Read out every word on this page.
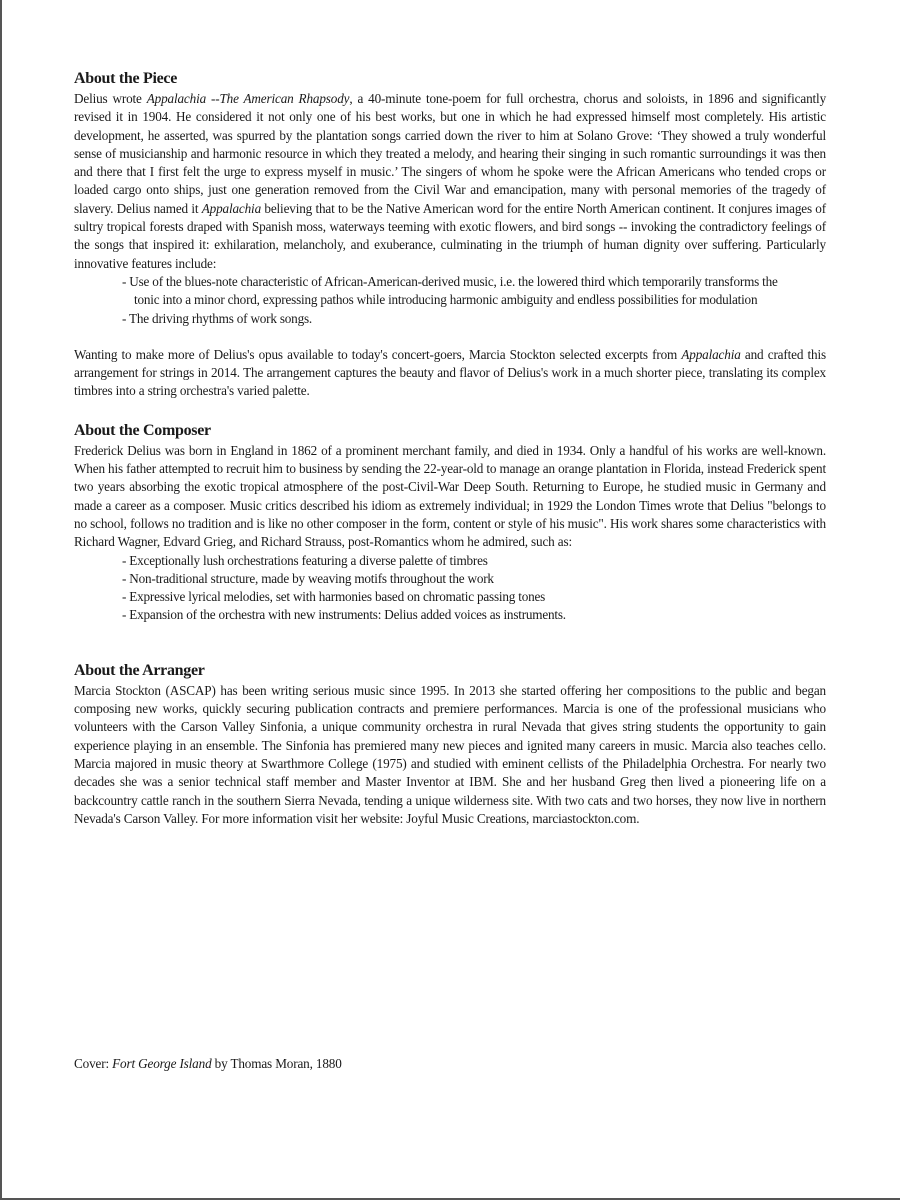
About the Piece

Delius wrote Appalachia --The American Rhapsody, a 40-minute tone-poem for full orchestra, chorus and soloists, in 1896 and significantly revised it in 1904. He considered it not only one of his best works, but one in which he had expressed himself most completely. His artistic development, he asserted, was spurred by the plantation songs carried down the river to him at Solano Grove: ‘They showed a truly wonderful sense of musicianship and harmonic resource in which they treated a melody, and hearing their singing in such romantic surroundings it was then and there that I first felt the urge to express myself in music.’ The singers of whom he spoke were the African Americans who tended crops or loaded cargo onto ships, just one generation removed from the Civil War and emancipation, many with personal memories of the tragedy of slavery. Delius named it Appalachia believing that to be the Native American word for the entire North American continent. It conjures images of sultry tropical forests draped with Spanish moss, waterways teeming with exotic flowers, and bird songs -- invoking the contradictory feelings of the songs that inspired it: exhilaration, melancholy, and exuberance, culminating in the triumph of human dignity over suffering. Particularly innovative features include:

- Use of the blues-note characteristic of African-American-derived music, i.e. the lowered third which temporarily transforms the tonic into a minor chord, expressing pathos while introducing harmonic ambiguity and endless possibilities for modulation
- The driving rhythms of work songs.

Wanting to make more of Delius's opus available to today's concert-goers, Marcia Stockton selected excerpts from Appalachia and crafted this arrangement for strings in 2014. The arrangement captures the beauty and flavor of Delius's work in a much shorter piece, translating its complex timbres into a string orchestra's varied palette.

About the Composer

Frederick Delius was born in England in 1862 of a prominent merchant family, and died in 1934. Only a handful of his works are well-known. When his father attempted to recruit him to business by sending the 22-year-old to manage an orange plantation in Florida, instead Frederick spent two years absorbing the exotic tropical atmosphere of the post-Civil-War Deep South. Returning to Europe, he studied music in Germany and made a career as a composer. Music critics described his idiom as extremely individual; in 1929 the London Times wrote that Delius "belongs to no school, follows no tradition and is like no other composer in the form, content or style of his music". His work shares some characteristics with Richard Wagner, Edvard Grieg, and Richard Strauss, post-Romantics whom he admired, such as:

- Exceptionally lush orchestrations featuring a diverse palette of timbres
- Non-traditional structure, made by weaving motifs throughout the work
- Expressive lyrical melodies, set with harmonies based on chromatic passing tones
- Expansion of the orchestra with new instruments: Delius added voices as instruments.
About the Arranger

Marcia Stockton (ASCAP) has been writing serious music since 1995. In 2013 she started offering her compositions to the public and began composing new works, quickly securing publication contracts and premiere performances. Marcia is one of the professional musicians who volunteers with the Carson Valley Sinfonia, a unique community orchestra in rural Nevada that gives string students the opportunity to gain experience playing in an ensemble. The Sinfonia has premiered many new pieces and ignited many careers in music. Marcia also teaches cello. Marcia majored in music theory at Swarthmore College (1975) and studied with eminent cellists of the Philadelphia Orchestra. For nearly two decades she was a senior technical staff member and Master Inventor at IBM. She and her husband Greg then lived a pioneering life on a backcountry cattle ranch in the southern Sierra Nevada, tending a unique wilderness site. With two cats and two horses, they now live in northern Nevada's Carson Valley. For more information visit her website: Joyful Music Creations, marciastockton.com.

Cover: Fort George Island by Thomas Moran, 1880
